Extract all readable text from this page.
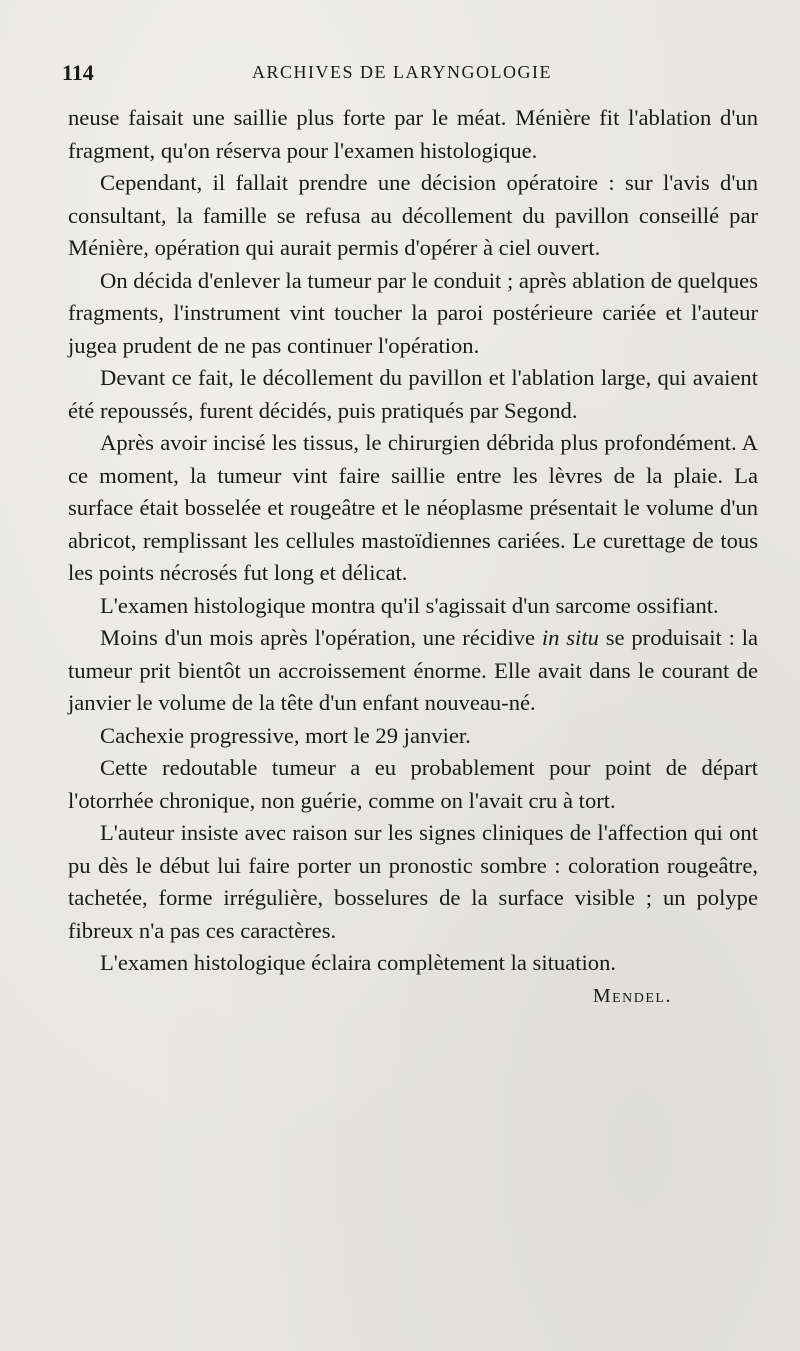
114	ARCHIVES DE LARYNGOLOGIE

neuse faisait une saillie plus forte par le méat. Ménière fit l'ablation d'un fragment, qu'on réserva pour l'examen histologique.

Cependant, il fallait prendre une décision opératoire : sur l'avis d'un consultant, la famille se refusa au décollement du pavillon conseillé par Ménière, opération qui aurait permis d'opérer à ciel ouvert.

On décida d'enlever la tumeur par le conduit ; après ablation de quelques fragments, l'instrument vint toucher la paroi postérieure cariée et l'auteur jugea prudent de ne pas continuer l'opération.

Devant ce fait, le décollement du pavillon et l'ablation large, qui avaient été repoussés, furent décidés, puis pratiqués par Segond.

Après avoir incisé les tissus, le chirurgien débrida plus profondément. A ce moment, la tumeur vint faire saillie entre les lèvres de la plaie. La surface était bosselée et rougeâtre et le néoplasme présentait le volume d'un abricot, remplissant les cellules mastoïdiennes cariées. Le curettage de tous les points nécrosés fut long et délicat.

L'examen histologique montra qu'il s'agissait d'un sarcome ossifiant.

Moins d'un mois après l'opération, une récidive in situ se produisait : la tumeur prit bientôt un accroissement énorme. Elle avait dans le courant de janvier le volume de la tête d'un enfant nouveau-né.

Cachexie progressive, mort le 29 janvier.

Cette redoutable tumeur a eu probablement pour point de départ l'otorrhée chronique, non guérie, comme on l'avait cru à tort.

L'auteur insiste avec raison sur les signes cliniques de l'affection qui ont pu dès le début lui faire porter un pronostic sombre : coloration rougeâtre, tachetée, forme irrégulière, bosselures de la surface visible ; un polype fibreux n'a pas ces caractères.

L'examen histologique éclaira complètement la situation.

Mendel.
